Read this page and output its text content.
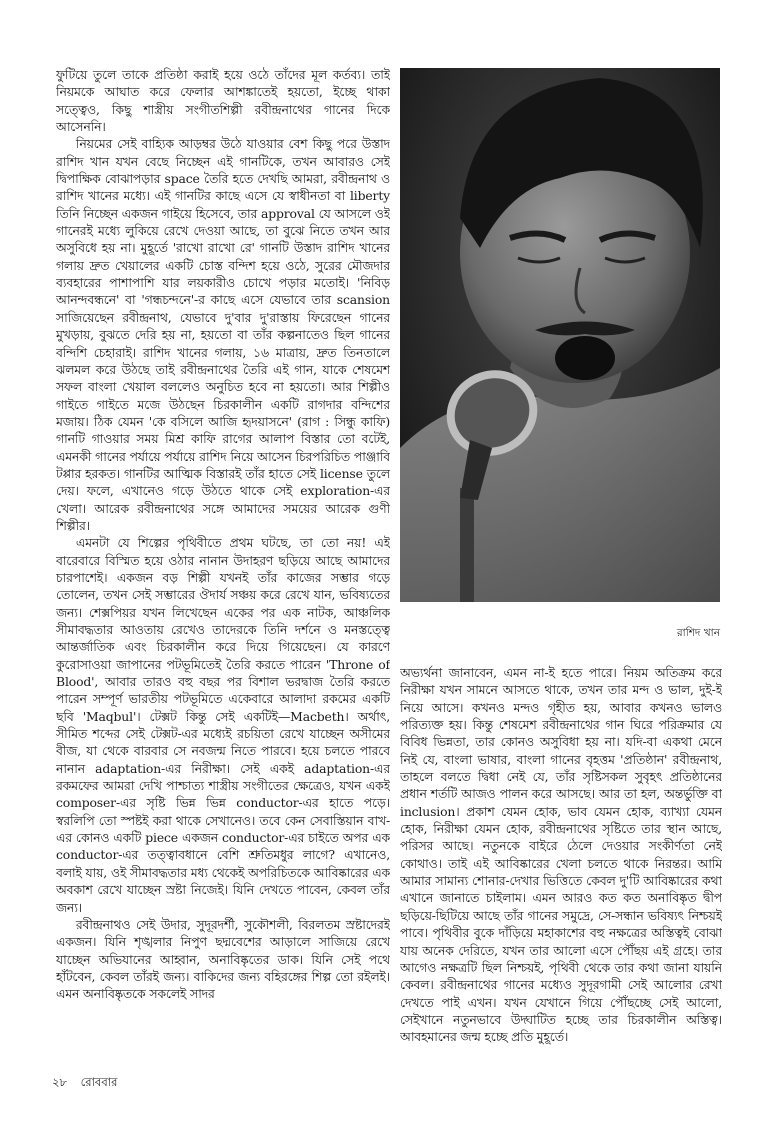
ফুটিয়ে তুলে তাকে প্রতিষ্ঠা করাই হয়ে ওঠে তাঁদের মূল কর্তব্য। তাই নিয়মকে আঘাত করে ফেলার আশঙ্কাতেই হয়তো, ইচ্ছে থাকা সত্ত্বেও, কিছু শাস্ত্রীয় সংগীতশিল্পী রবীন্দ্রনাথের গানের দিকে আসেননি।

নিয়মের সেই বাহ্যিক আড়ম্বর উঠে যাওয়ার বেশ কিছু পরে উস্তাদ রাশিদ খান যখন বেছে নিচ্ছেন এই গানটিকে, তখন আবারও সেই দ্বিপাক্ষিক বোঝাপড়ার space তৈরি হতে দেখছি আমরা, রবীন্দ্রনাথ ও রাশিদ খানের মধ্যে। এই গানটির কাছে এসে যে স্বাধীনতা বা liberty তিনি নিচ্ছেন একজন গাইয়ে হিসেবে, তার approval যে আসলে ওই গানেরই মধ্যে লুকিয়ে রেখে দেওয়া আছে, তা বুঝে নিতে তখন আর অসুবিধে হয় না। মুহূর্তে 'রাখো রাখো রে' গানটি উস্তাদ রাশিদ খানের গলায় দ্রুত খেয়ালের একটি চোস্ত বন্দিশ হয়ে ওঠে, সুরের মৌজদার ব্যবহারের পাশাপাশি যার লয়কারীও চোখে পড়ার মতোই। 'নিবিড় আনন্দবন্ধনে' বা 'গন্ধচন্দনে'-র কাছে এসে যেভাবে তার scansion সাজিয়েছেন রবীন্দ্রনাথ, যেভাবে দু'বার দু'রাস্তায় ফিরেছেন গানের মুখড়ায়, বুঝতে দেরি হয় না, হয়তো বা তাঁর কল্পনাতেও ছিল গানের বন্দিশি চেহারাই। রাশিদ খানের গলায়, ১৬ মাত্রায়, দ্রুত তিনতালে ঝলমল করে উঠছে তাই রবীন্দ্রনাথের তৈরি এই গান, যাকে শেষমেশ সফল বাংলা খেয়াল বললেও অনুচিত হবে না হয়তো। আর শিল্পীও গাইতে গাইতে মজে উঠছেন চিরকালীন একটি রাগদার বন্দিশের মজায়। ঠিক যেমন 'কে বসিলে আজি হৃদয়াসনে' (রাগ : সিন্ধু কাফি) গানটি গাওয়ার সময় মিশ্র কাফি রাগের আলাপ বিস্তার তো বটেই, এমনকী গানের পর্যায়ে পর্যায়ে রাশিদ নিয়ে আসেন চিরপরিচিত পাঞ্জাবি টপ্পার হরকত। গানটির আত্মিক বিস্তারই তাঁর হাতে সেই license তুলে দেয়। ফলে, এখানেও গড়ে উঠতে থাকে সেই exploration-এর খেলা। আরেক রবীন্দ্রনাথের সঙ্গে আমাদের সময়ের আরেক গুণী শিল্পীর।

এমনটা যে শিল্পের পৃথিবীতে প্রথম ঘটছে, তা তো নয়! এই বারেবারে বিস্মিত হয়ে ওঠার নানান উদাহরণ ছড়িয়ে আছে আমাদের চারপাশেই। একজন বড় শিল্পী যখনই তাঁর কাজের সম্ভার গড়ে তোলেন, তখন সেই সম্ভারের ঔদার্য সঞ্চয় করে রেখে যান, ভবিষ্যতের জন্য। শেক্সপিয়র যখন লিখেছেন একের পর এক নাটক, আঞ্চলিক সীমাবদ্ধতার আওতায় রেখেও তাদেরকে তিনি দর্শনে ও মনস্তত্ত্বে আন্তর্জাতিক এবং চিরকালীন করে দিয়ে গিয়েছেন। যে কারণে কুরোসাওয়া জাপানের পটভূমিতেই তৈরি করতে পারেন 'Throne of Blood', আবার তারও বহু বছর পর বিশাল ভরদ্বাজ তৈরি করতে পারেন সম্পূর্ণ ভারতীয় পটভূমিতে একেবারে আলাদা রকমের একটি ছবি 'Maqbul'। টেক্সট কিন্তু সেই একটিই—Macbeth। অর্থাৎ, সীমিত শব্দের সেই টেক্সট-এর মধ্যেই রচয়িতা রেখে যাচ্ছেন অসীমের বীজ, যা থেকে বারবার সে নবজন্ম নিতে পারবে। হয়ে চলতে পারবে নানান adaptation-এর নিরীক্ষা। সেই একই adaptation-এর রকমফের আমরা দেখি পাশ্চাত্য শাস্ত্রীয় সংগীতের ক্ষেত্রেও, যখন একই composer-এর সৃষ্টি ভিন্ন ভিন্ন conductor-এর হাতে পড়ে। স্বরলিপি তো স্পষ্টই করা থাকে সেখানেও। তবে কেন সেবাস্তিয়ান বাখ-এর কোনও একটি piece একজন conductor-এর চাইতে অপর এক conductor-এর তত্ত্বাবধানে বেশি শ্রুতিমধুর লাগে? এখানেও, বলাই যায়, ওই সীমাবদ্ধতার মধ্য থেকেই অপরিচিতকে আবিষ্কারের এক অবকাশ রেখে যাচ্ছেন স্রষ্টা নিজেই। যিনি দেখতে পাবেন, কেবল তাঁর জন্য।

রবীন্দ্রনাথও সেই উদার, সুদূরদর্শী, সুকৌশলী, বিরলতম স্রষ্টাদেরই একজন। যিনি শৃঙ্খলার নিপুণ ছদ্মবেশের আড়ালে সাজিয়ে রেখে যাচ্ছেন অভিযানের আহ্বান, অনাবিষ্কৃতের ডাক। যিনি সেই পথে হাঁটবেন, কেবল তাঁরই জন্য। বাকিদের জন্য বহিরঙ্গের শিল্প তো রইলই। এমন অনাবিষ্কৃতকে সকলেই সাদর

রাশিদ খান

অভ্যর্থনা জানাবেন, এমন না-ই হতে পারে। নিয়ম অতিক্রম করে নিরীক্ষা যখন সামনে আসতে থাকে, তখন তার মন্দ ও ভাল, দুই-ই নিয়ে আসে। কখনও মন্দও গৃহীত হয়, আবার কখনও ভালও পরিত্যক্ত হয়। কিন্তু শেষমেশ রবীন্দ্রনাথের গান ঘিরে পরিক্রমার যে বিবিধ ভিন্নতা, তার কোনও অসুবিধা হয় না। যদি-বা একথা মেনে নিই যে, বাংলা ভাষার, বাংলা গানের বৃহত্তম 'প্রতিষ্ঠান' রবীন্দ্রনাথ, তাহলে বলতে দ্বিধা নেই যে, তাঁর সৃষ্টিসকল সুবৃহৎ প্রতিষ্ঠানের প্রধান শর্তটি আজও পালন করে আসছে। আর তা হল, অন্তর্ভুক্তি বা inclusion। প্রকাশ যেমন হোক, ভাব যেমন হোক, ব্যাখ্যা যেমন হোক, নিরীক্ষা যেমন হোক, রবীন্দ্রনাথের সৃষ্টিতে তার স্থান আছে, পরিসর আছে। নতুনকে বাইরে ঠেলে দেওয়ার সংকীর্ণতা নেই কোথাও। তাই এই আবিষ্কারের খেলা চলতে থাকে নিরন্তর। আমি আমার সামান্য শোনার-দেখার ভিত্তিতে কেবল দু'টি আবিষ্কারের কথা এখানে জানাতে চাইলাম। এমন আরও কত কত অনাবিষ্কৃত দ্বীপ ছড়িয়ে-ছিটিয়ে আছে তাঁর গানের সমুদ্রে, সে-সন্ধান ভবিষ্যৎ নিশ্চয়ই পাবে। পৃথিবীর বুকে দাঁড়িয়ে মহাকাশের বহু নক্ষত্রের অস্তিত্বই বোঝা যায় অনেক দেরিতে, যখন তার আলো এসে পৌঁছয় এই গ্রহে। তার আগেও নক্ষত্রটি ছিল নিশ্চয়ই, পৃথিবী থেকে তার কথা জানা যায়নি কেবল। রবীন্দ্রনাথের গানের মধ্যেও সুদূরগামী সেই আলোর রেখা দেখতে পাই এখন। যখন যেখানে গিয়ে পৌঁছচ্ছে সেই আলো, সেইখানে নতুনভাবে উদ্ঘাটিত হচ্ছে তার চিরকালীন অস্তিত্ব। আবহমানের জন্ম হচ্ছে প্রতি মুহূর্তে।

২৮ রোববার
